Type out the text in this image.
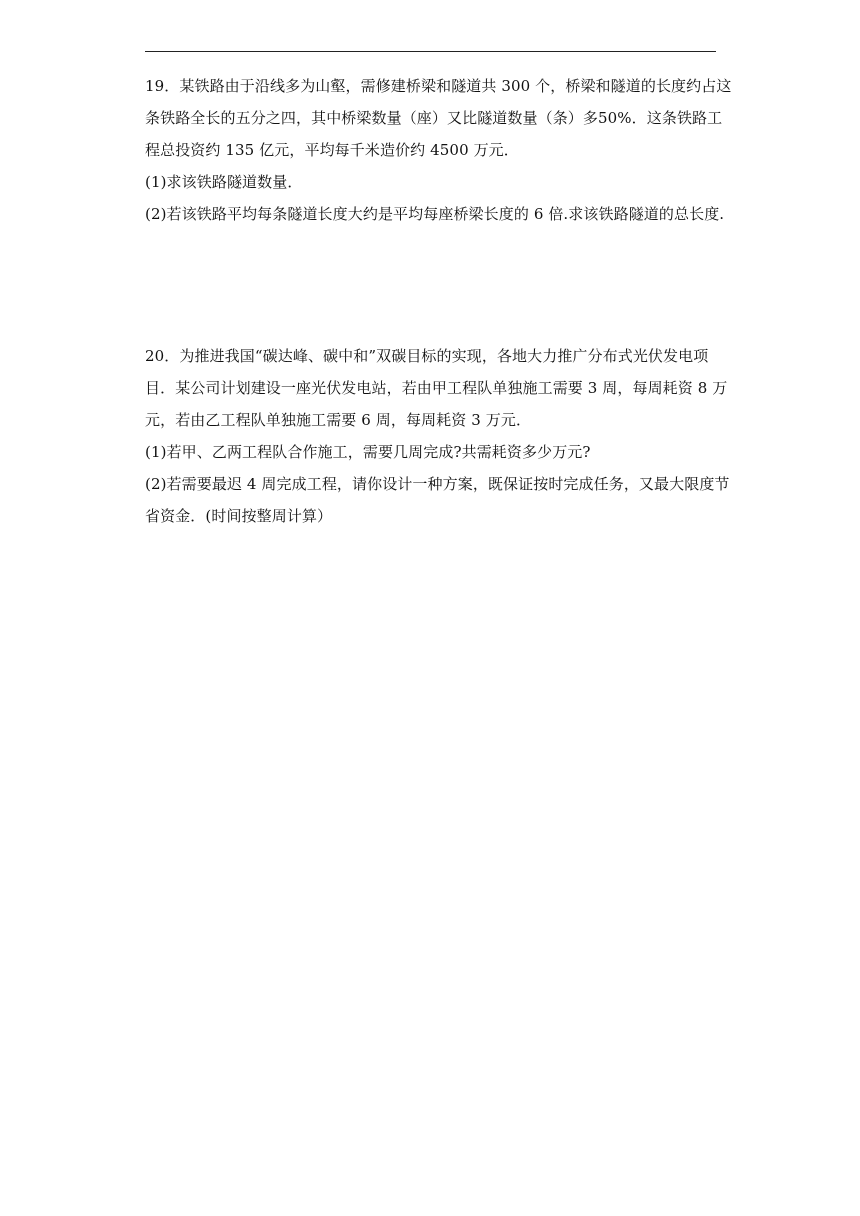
19．某铁路由于沿线多为山壑，需修建桥梁和隧道共 300 个，桥梁和隧道的长度约占这
条铁路全长的五分之四，其中桥梁数量（座）又比隧道数量（条）多50%．这条铁路工
程总投资约 135 亿元，平均每千米造价约 4500 万元．
(1)求该铁路隧道数量．
(2)若该铁路平均每条隧道长度大约是平均每座桥梁长度的 6 倍.求该铁路隧道的总长度.
20．为推进我国“碳达峰、碳中和”双碳目标的实现，各地大力推广分布式光伏发电项
目．某公司计划建设一座光伏发电站，若由甲工程队单独施工需要 3 周，每周耗资 8 万
元，若由乙工程队单独施工需要 6 周，每周耗资 3 万元．
(1)若甲、乙两工程队合作施工，需要几周完成?共需耗资多少万元?
(2)若需要最迟 4 周完成工程，请你设计一种方案，既保证按时完成任务，又最大限度节
省资金．(时间按整周计算）
